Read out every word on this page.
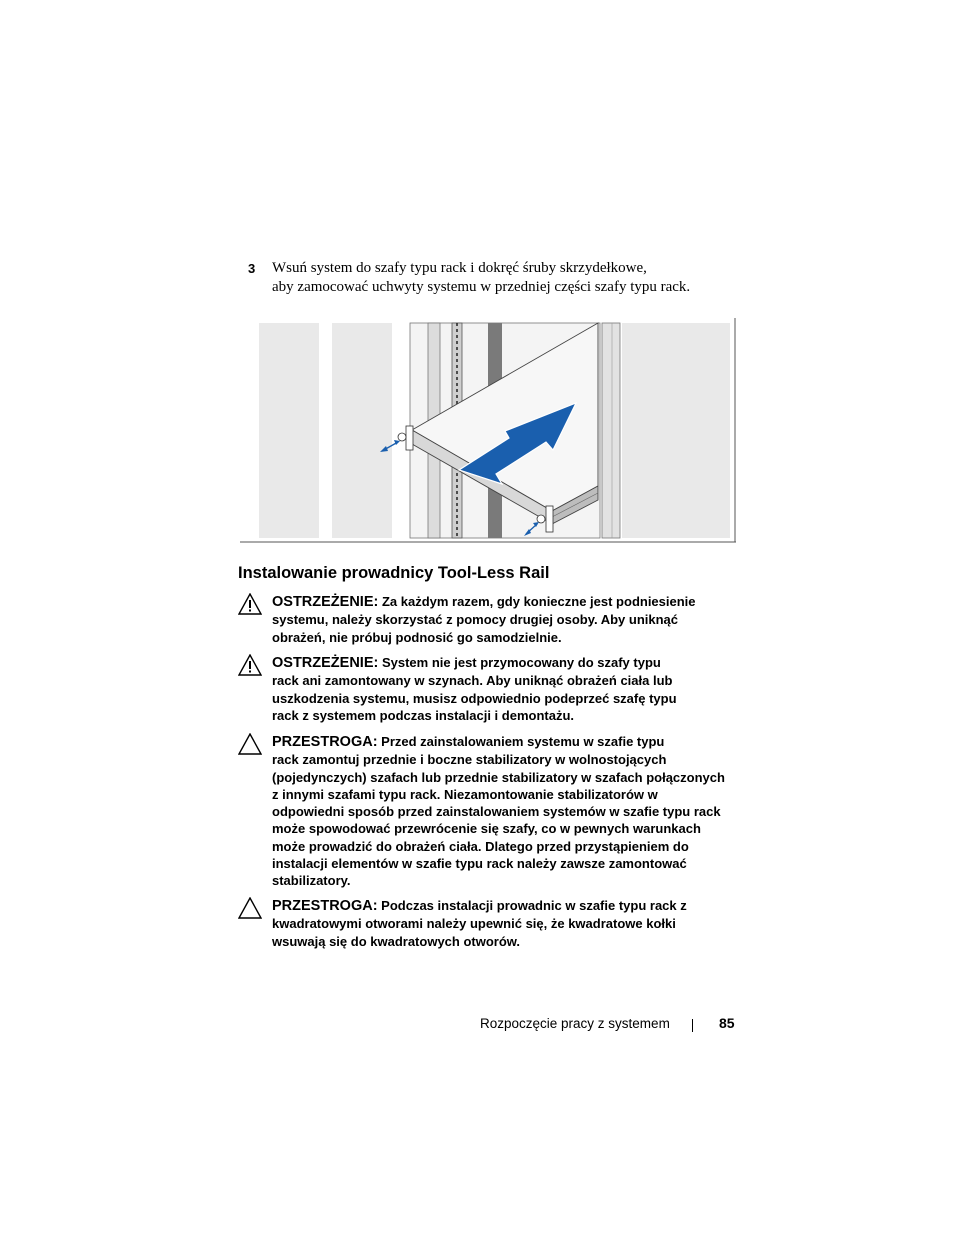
3 Wsuń system do szafy typu rack i dokręć śruby skrzydełkowe,
aby zamocować uchwyty systemu w przedniej części szafy typu rack.
Instalowanie prowadnicy Tool-Less Rail
OSTRZEŻENIE: Za każdym razem, gdy konieczne jest podniesienie
systemu, należy skorzystać z pomocy drugiej osoby. Aby uniknąć
obrażeń, nie próbuj podnosić go samodzielnie.
OSTRZEŻENIE: System nie jest przymocowany do szafy typu
rack ani zamontowany w szynach. Aby uniknąć obrażeń ciała lub
uszkodzenia systemu, musisz odpowiednio podeprzeć szafę typu
rack z systemem podczas instalacji i demontażu.
PRZESTROGA: Przed zainstalowaniem systemu w szafie typu
rack zamontuj przednie i boczne stabilizatory w wolnostojących
(pojedynczych) szafach lub przednie stabilizatory w szafach połączonych
z innymi szafami typu rack. Niezamontowanie stabilizatorów w
odpowiedni sposób przed zainstalowaniem systemów w szafie typu rack
może spowodować przewrócenie się szafy, co w pewnych warunkach
może prowadzić do obrażeń ciała. Dlatego przed przystąpieniem do
instalacji elementów w szafie typu rack należy zawsze zamontować
stabilizatory.
PRZESTROGA: Podczas instalacji prowadnic w szafie typu rack z
kwadratowymi otworami należy upewnić się, że kwadratowe kołki
wsuwają się do kwadratowych otworów.
Rozpoczęcie pracy z systemem	85
